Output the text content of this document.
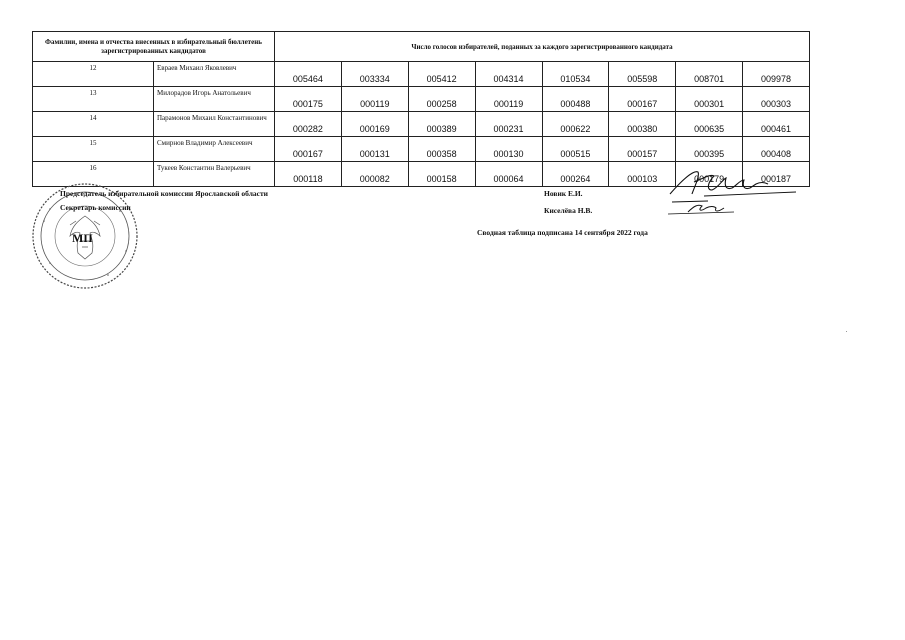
Фамилии, имена и отчества внесенных в избирательный бюллетень зарегистрированных кандидатов		Число голосов избирателей, поданных за каждого зарегистрированного кандидата							
12	Евраев Михаил Яковлевич	005464	003334	005412	004314	010534	005598	008701	009978
13	Милорадов Игорь Анатольевич	000175	000119	000258	000119	000488	000167	000301	000303
14	Парамонов Михаил Константинович	000282	000169	000389	000231	000622	000380	000635	000461
15	Смирнов Владимир Алексеевич	000167	000131	000358	000130	000515	000157	000395	000408
16	Тукеев Константин Валерьевич	000118	000082	000158	000064	000264	000103	000179	000187
МП
Председатель избирательной комиссии Ярославской области
Секретарь комиссии
Новик Е.И.
Киселёва Н.В.
Сводная таблица подписана 14 сентября 2022 года
